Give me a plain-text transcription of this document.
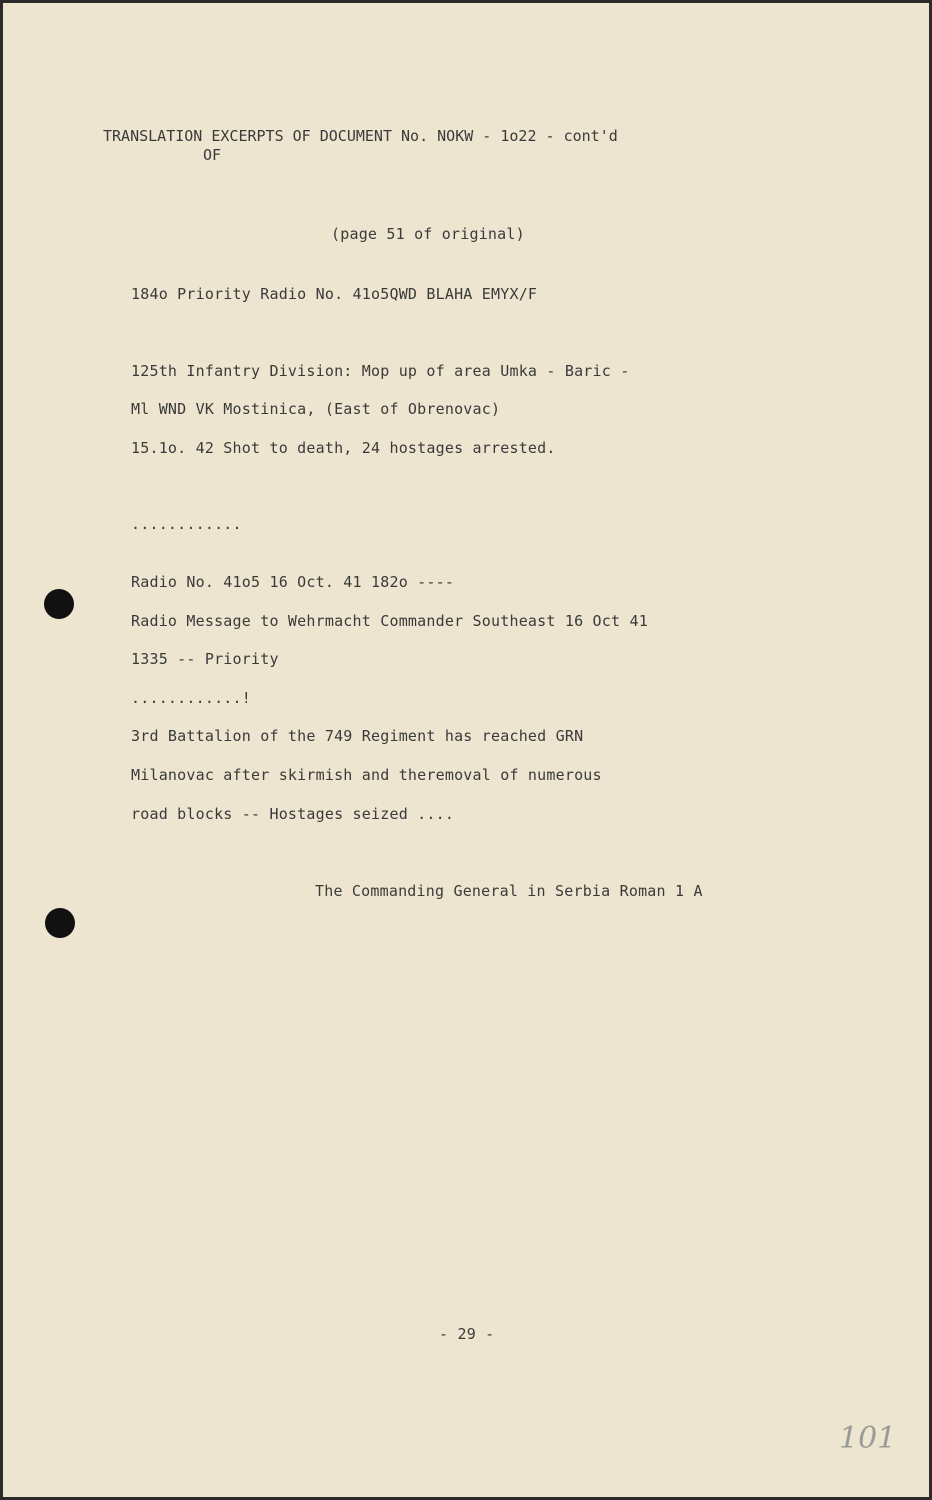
TRANSLATION EXCERPTS OF DOCUMENT No. NOKW - 1o22 - cont'd
OF
(page 51 of original)
184o Priority Radio No. 41o5QWD BLAHA EMYX/F
125th Infantry Division: Mop up of area Umka - Baric -
Ml WND VK Mostinica, (East of Obrenovac)
15.1o. 42 Shot to death, 24 hostages arrested.
............
Radio No. 41o5 16 Oct. 41 182o ----
Radio Message to Wehrmacht Commander Southeast 16 Oct 41
1335 -- Priority
............!
3rd Battalion of the 749 Regiment has reached GRN
Milanovac after skirmish and theremoval of numerous
road blocks -- Hostages seized ....
The Commanding General in Serbia Roman 1 A
- 29 -
101
